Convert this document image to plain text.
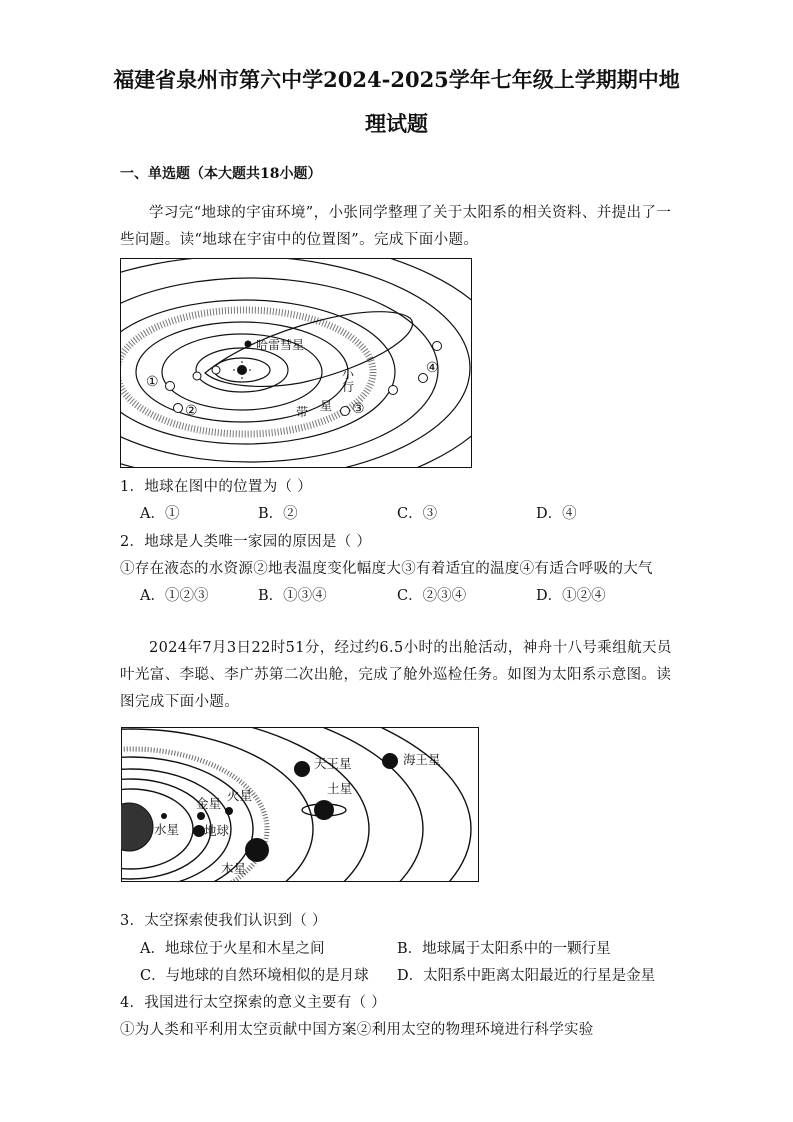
福建省泉州市第六中学2024-2025学年七年级上学期期中地
理试题
一、单选题（本大题共18小题）
学习完“地球的宇宙环境”，小张同学整理了关于太阳系的相关资料、并提出了一些问题。读“地球在宇宙中的位置图”。完成下面小题。
哈雷彗星
小
行
带 星
①
②	③
④
1．地球在图中的位置为（ ）
A．①	B．②	C．③	D．④
2．地球是人类唯一家园的原因是（ ）
①存在液态的水资源②地表温度变化幅度大③有着适宜的温度④有适合呼吸的大气
A．①②③	B．①③④	C．②③④	D．①②④
2024年7月3日22时51分，经过约6.5小时的出舱活动，神舟十八号乘组航天员叶光富、李聪、李广苏第二次出舱，完成了舱外巡检任务。如图为太阳系示意图。读图完成下面小题。
天王星	海王星
土星
金星
火星
水星 地球
木星
3．太空探索使我们认识到（ ）
A．地球位于火星和木星之间	B．地球属于太阳系中的一颗行星
C．与地球的自然环境相似的是月球 D．太阳系中距离太阳最近的行星是金星
4．我国进行太空探索的意义主要有（ ）
①为人类和平利用太空贡献中国方案②利用太空的物理环境进行科学实验
